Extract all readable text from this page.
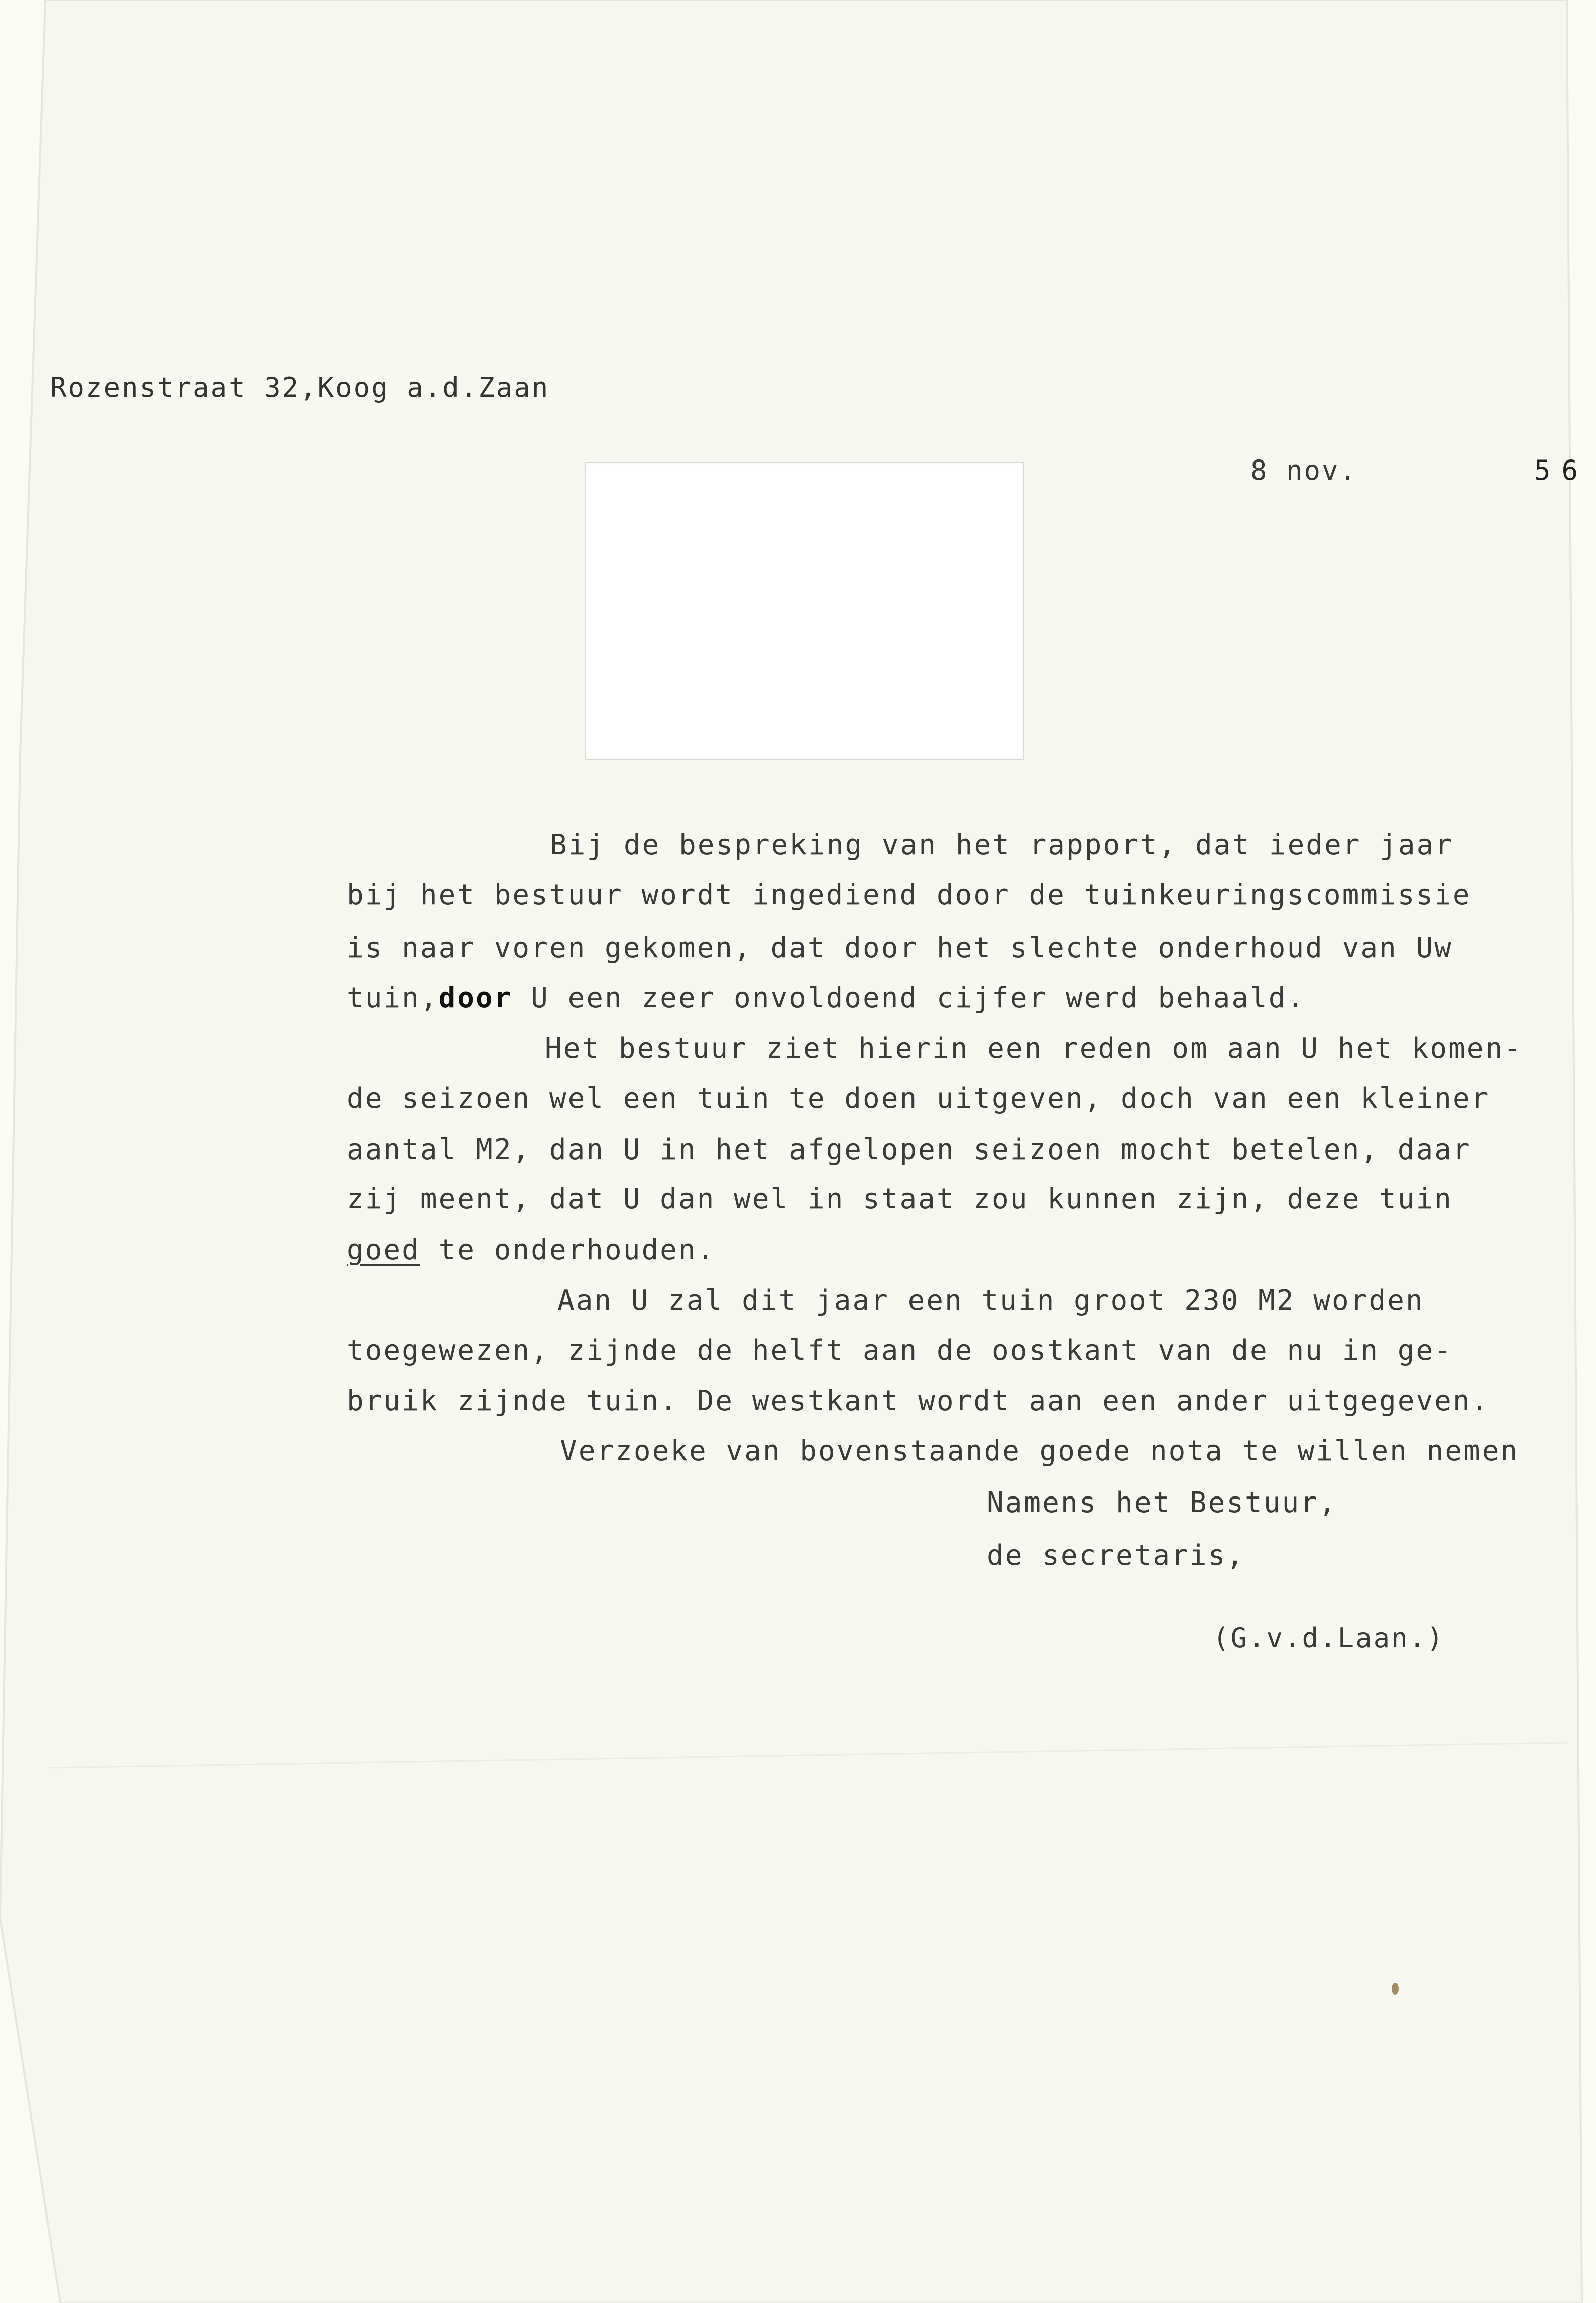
Rozenstraat 32,Koog a.d.Zaan
8 nov.	56
Bij de bespreking van het rapport, dat ieder jaar
bij het bestuur wordt ingediend door de tuinkeuringscommissie
is naar voren gekomen, dat door het slechte onderhoud van Uw
tuin,door U een zeer onvoldoend cijfer werd behaald.
Het bestuur ziet hierin een reden om aan U het komen-
de seizoen wel een tuin te doen uitgeven, doch van een kleiner
aantal M2, dan U in het afgelopen seizoen mocht betelen, daar
zij meent, dat U dan wel in staat zou kunnen zijn, deze tuin
goed te onderhouden.
Aan U zal dit jaar een tuin groot 230 M2 worden
toegewezen, zijnde de helft aan de oostkant van de nu in ge-
bruik zijnde tuin. De westkant wordt aan een ander uitgegeven.
Verzoeke van bovenstaande goede nota te willen nemen
Namens het Bestuur,
de secretaris,
(G.v.d.Laan.)
